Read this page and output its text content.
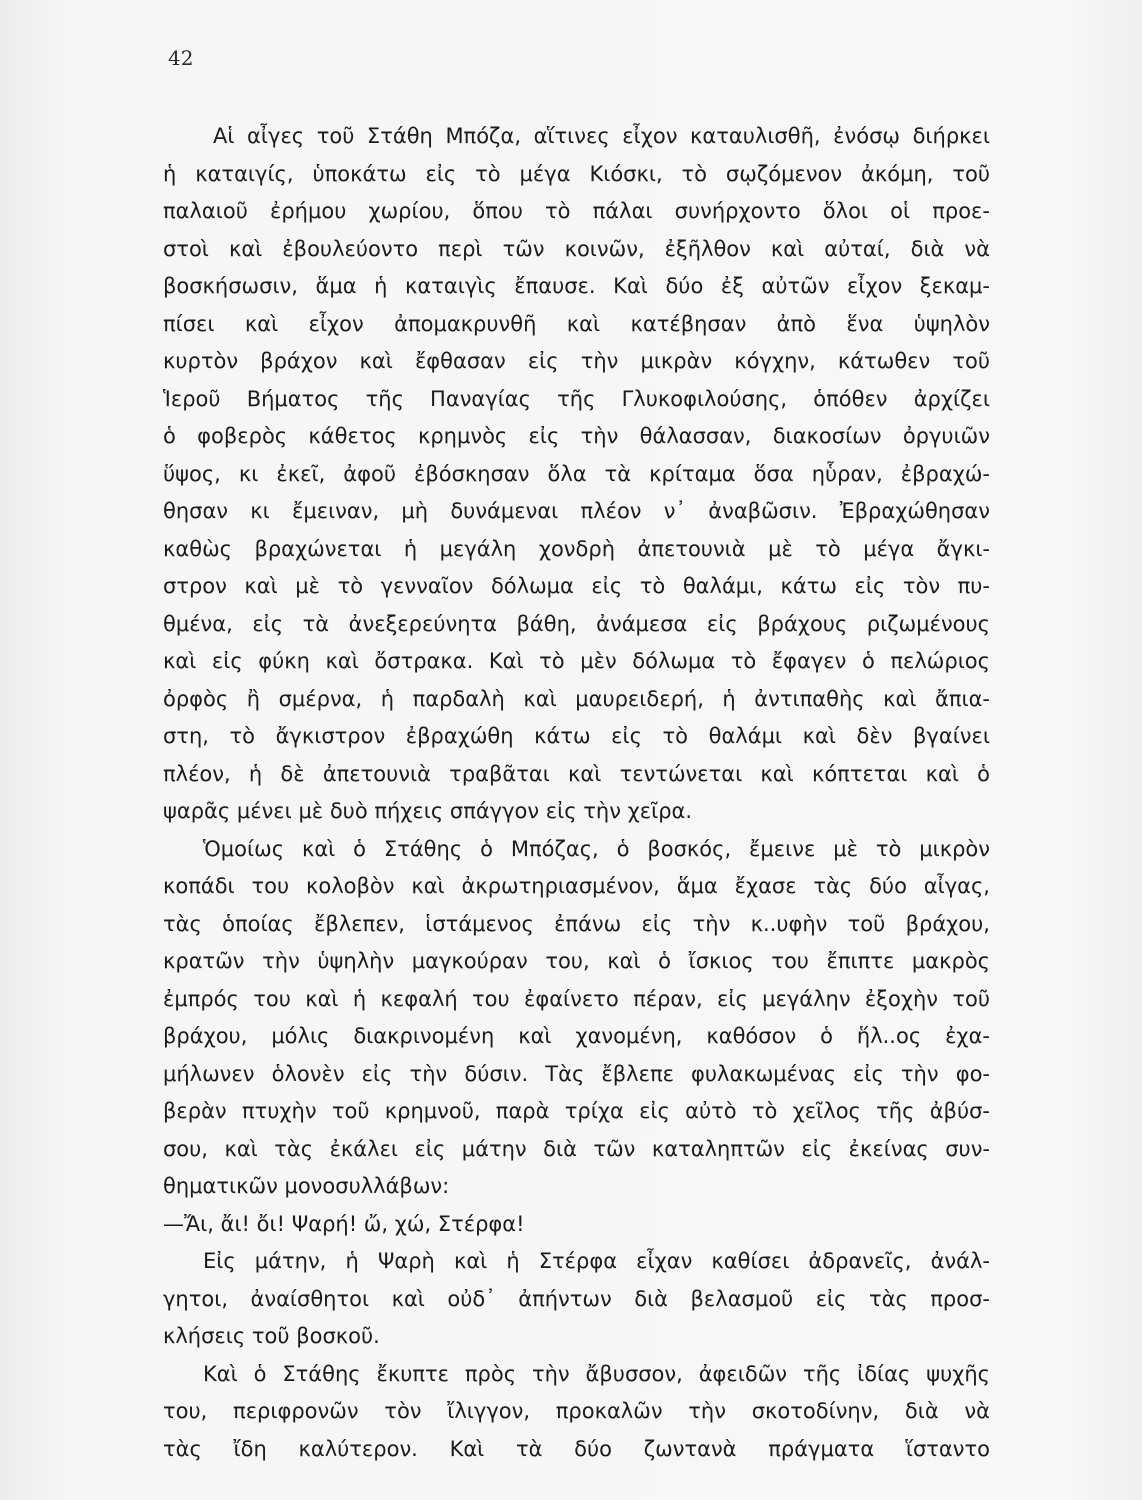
42
Αἱ αἶγες τοῦ Στάθη Μπόζα, αἵτινες εἶχον καταυλισθῆ, ἐνόσῳ διήρκει
ἡ καταιγίς, ὑποκάτω εἰς τὸ μέγα Κιόσκι, τὸ σῳζόμενον ἀκόμη, τοῦ
παλαιοῦ ἐρήμου χωρίου, ὅπου τὸ πάλαι συνήρχοντο ὅλοι οἱ προε-
στοὶ καὶ ἐβουλεύοντο περὶ τῶν κοινῶν, ἐξῆλθον καὶ αὐταί, διὰ νὰ
βοσκήσωσιν, ἅμα ἡ καταιγὶς ἔπαυσε. Καὶ δύο ἐξ αὐτῶν εἶχον ξεκαμ-
πίσει καὶ εἶχον ἀπομακρυνθῆ καὶ κατέβησαν ἀπὸ ἕνα ὑψηλὸν
κυρτὸν βράχον καὶ ἔφθασαν εἰς τὴν μικρὰν κόγχην, κάτωθεν τοῦ
Ἱεροῦ Βήματος τῆς Παναγίας τῆς Γλυκοφιλούσης, ὁπόθεν ἀρχίζει
ὁ φοβερὸς κάθετος κρημνὸς εἰς τὴν θάλασσαν, διακοσίων ὀργυιῶν
ὕψος, κι ἐκεῖ, ἀφοῦ ἐβόσκησαν ὅλα τὰ κρίταμα ὅσα ηὗραν, ἐβραχώ-
θησαν κι ἔμειναν, μὴ δυνάμεναι πλέον ν᾿ ἀναβῶσιν. Ἐβραχώθησαν
καθὼς βραχώνεται ἡ μεγάλη χονδρὴ ἀπετουνιὰ μὲ τὸ μέγα ἄγκι-
στρον καὶ μὲ τὸ γενναῖον δόλωμα εἰς τὸ θαλάμι, κάτω εἰς τὸν πυ-
θμένα, εἰς τὰ ἀνεξερεύνητα βάθη, ἀνάμεσα εἰς βράχους ριζωμένους
καὶ εἰς φύκη καὶ ὄστρακα. Καὶ τὸ μὲν δόλωμα τὸ ἔφαγεν ὁ πελώριος
ὀρφὸς ἢ σμέρνα, ἡ παρδαλὴ καὶ μαυρειδερή, ἡ ἀντιπαθὴς καὶ ἄπια-
στη, τὸ ἄγκιστρον ἐβραχώθη κάτω εἰς τὸ θαλάμι καὶ δὲν βγαίνει
πλέον, ἡ δὲ ἀπετουνιὰ τραβᾶται καὶ τεντώνεται καὶ κόπτεται καὶ ὁ
ψαρᾶς μένει μὲ δυὸ πήχεις σπάγγον εἰς τὴν χεῖρα.
Ὁμοίως καὶ ὁ Στάθης ὁ Μπόζας, ὁ βοσκός, ἔμεινε μὲ τὸ μικρὸν
κοπάδι του κολοβὸν καὶ ἀκρωτηριασμένον, ἅμα ἔχασε τὰς δύο αἶγας,
τὰς ὁποίας ἔβλεπεν, ἱστάμενος ἐπάνω εἰς τὴν κ..υφὴν τοῦ βράχου,
κρατῶν τὴν ὑψηλὴν μαγκούραν του, καὶ ὁ ἴσκιος του ἔπιπτε μακρὸς
ἐμπρός του καὶ ἡ κεφαλή του ἐφαίνετο πέραν, εἰς μεγάλην ἐξοχὴν τοῦ
βράχου, μόλις διακρινομένη καὶ χανομένη, καθόσον ὁ ἥλ..ος ἐχα-
μήλωνεν ὁλονὲν εἰς τὴν δύσιν. Τὰς ἔβλεπε φυλακωμένας εἰς τὴν φο-
βερὰν πτυχὴν τοῦ κρημνοῦ, παρὰ τρίχα εἰς αὐτὸ τὸ χεῖλος τῆς ἀβύσ-
σου, καὶ τὰς ἐκάλει εἰς μάτην διὰ τῶν καταληπτῶν εἰς ἐκείνας συν-
θηματικῶν μονοσυλλάβων:
—Ἄι, ἄι! ὄι! Ψαρή! ὤ, χώ, Στέρφα!
Εἰς μάτην, ἡ Ψαρὴ καὶ ἡ Στέρφα εἶχαν καθίσει ἀδρανεῖς, ἀνάλ-
γητοι, ἀναίσθητοι καὶ οὐδ᾿ ἀπήντων διὰ βελασμοῦ εἰς τὰς προσ-
κλήσεις τοῦ βοσκοῦ.
Καὶ ὁ Στάθης ἔκυπτε πρὸς τὴν ἄβυσσον, ἀφειδῶν τῆς ἰδίας ψυχῆς
του, περιφρονῶν τὸν ἴλιγγον, προκαλῶν τὴν σκοτοδίνην, διὰ νὰ
τὰς ἴδη καλύτερον. Καὶ τὰ δύο ζωντανὰ πράγματα ἵσταντο
